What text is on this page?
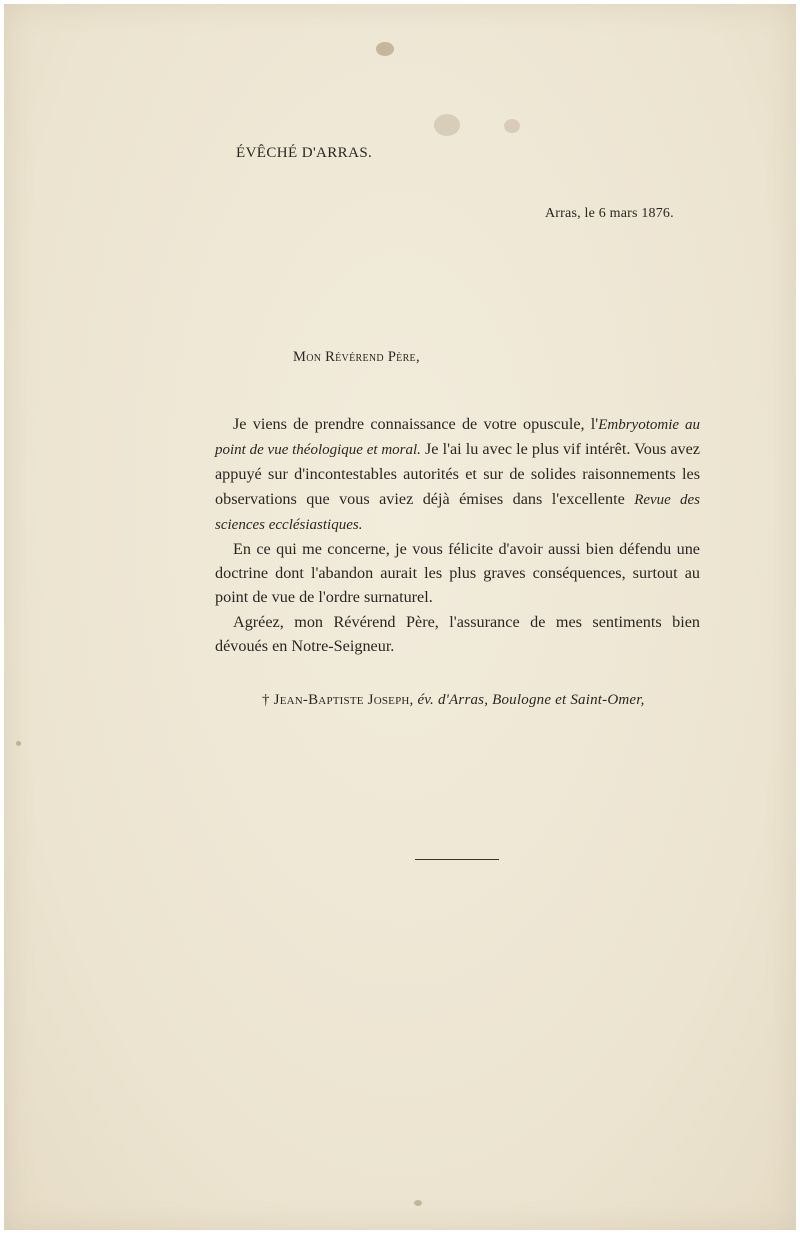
ÉVÊCHÉ D'ARRAS.
Arras, le 6 mars 1876.
Mon Révérend Père,

Je viens de prendre connaissance de votre opuscule, l'Embryotomie au point de vue théologique et moral. Je l'ai lu avec le plus vif intérêt. Vous avez appuyé sur d'incontestables autorités et sur de solides raisonnements les observations que vous aviez déjà émises dans l'excellente Revue des sciences ecclésiastiques.

En ce qui me concerne, je vous félicite d'avoir aussi bien défendu une doctrine dont l'abandon aurait les plus graves conséquences, surtout au point de vue de l'ordre surnaturel.

Agréez, mon Révérend Père, l'assurance de mes sentiments bien dévoués en Notre-Seigneur.

† Jean-Baptiste Joseph, év. d'Arras, Boulogne et Saint-Omer,
